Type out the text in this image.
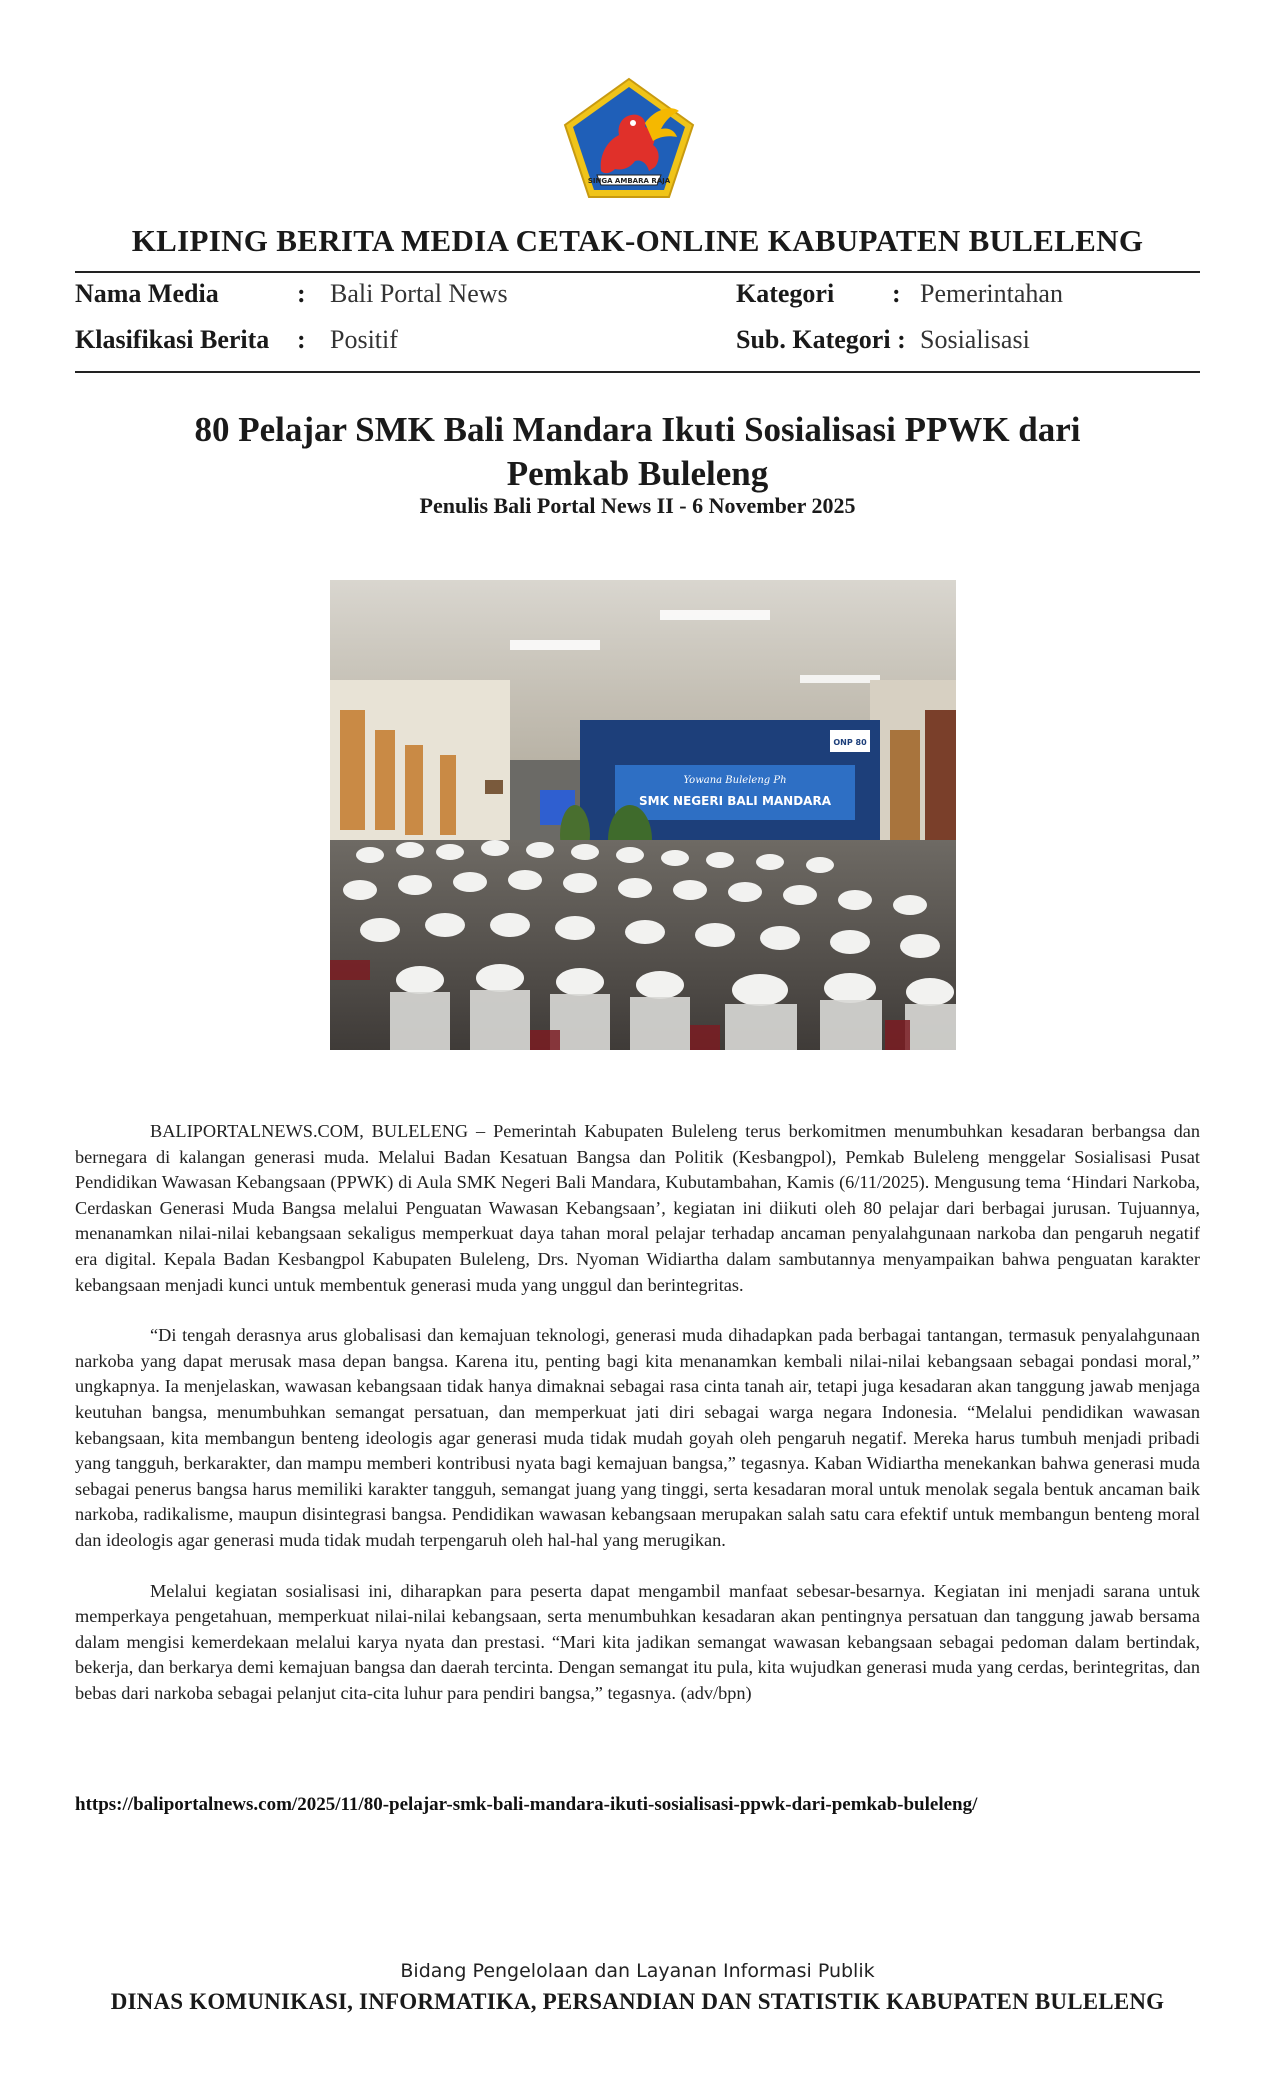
SINGA AMBARA RAJA
KLIPING BERITA MEDIA CETAK-ONLINE KABUPATEN BULELENG
Nama Media	: Bali Portal News	Kategori : Pemerintahan
Klasifikasi Berita : Positif	Sub. Kategori : Sosialisasi
80 Pelajar SMK Bali Mandara Ikuti Sosialisasi PPWK dari Pemkab Buleleng
Penulis Bali Portal News II - 6 November 2025
Yowana Buleleng Ph
SMK NEGERI BALI MANDARA
ONP 80

BALIPORTALNEWS.COM, BULELENG – Pemerintah Kabupaten Buleleng terus berkomitmen menumbuhkan kesadaran berbangsa dan bernegara di kalangan generasi muda. Melalui Badan Kesatuan Bangsa dan Politik (Kesbangpol), Pemkab Buleleng menggelar Sosialisasi Pusat Pendidikan Wawasan Kebangsaan (PPWK) di Aula SMK Negeri Bali Mandara, Kubutambahan, Kamis (6/11/2025). Mengusung tema ‘Hindari Narkoba, Cerdaskan Generasi Muda Bangsa melalui Penguatan Wawasan Kebangsaan’, kegiatan ini diikuti oleh 80 pelajar dari berbagai jurusan. Tujuannya, menanamkan nilai-nilai kebangsaan sekaligus memperkuat daya tahan moral pelajar terhadap ancaman penyalahgunaan narkoba dan pengaruh negatif era digital. Kepala Badan Kesbangpol Kabupaten Buleleng, Drs. Nyoman Widiartha dalam sambutannya menyampaikan bahwa penguatan karakter kebangsaan menjadi kunci untuk membentuk generasi muda yang unggul dan berintegritas.

“Di tengah derasnya arus globalisasi dan kemajuan teknologi, generasi muda dihadapkan pada berbagai tantangan, termasuk penyalahgunaan narkoba yang dapat merusak masa depan bangsa. Karena itu, penting bagi kita menanamkan kembali nilai-nilai kebangsaan sebagai pondasi moral,” ungkapnya. Ia menjelaskan, wawasan kebangsaan tidak hanya dimaknai sebagai rasa cinta tanah air, tetapi juga kesadaran akan tanggung jawab menjaga keutuhan bangsa, menumbuhkan semangat persatuan, dan memperkuat jati diri sebagai warga negara Indonesia. “Melalui pendidikan wawasan kebangsaan, kita membangun benteng ideologis agar generasi muda tidak mudah goyah oleh pengaruh negatif. Mereka harus tumbuh menjadi pribadi yang tangguh, berkarakter, dan mampu memberi kontribusi nyata bagi kemajuan bangsa,” tegasnya. Kaban Widiartha menekankan bahwa generasi muda sebagai penerus bangsa harus memiliki karakter tangguh, semangat juang yang tinggi, serta kesadaran moral untuk menolak segala bentuk ancaman baik narkoba, radikalisme, maupun disintegrasi bangsa. Pendidikan wawasan kebangsaan merupakan salah satu cara efektif untuk membangun benteng moral dan ideologis agar generasi muda tidak mudah terpengaruh oleh hal-hal yang merugikan.

Melalui kegiatan sosialisasi ini, diharapkan para peserta dapat mengambil manfaat sebesar-besarnya. Kegiatan ini menjadi sarana untuk memperkaya pengetahuan, memperkuat nilai-nilai kebangsaan, serta menumbuhkan kesadaran akan pentingnya persatuan dan tanggung jawab bersama dalam mengisi kemerdekaan melalui karya nyata dan prestasi. “Mari kita jadikan semangat wawasan kebangsaan sebagai pedoman dalam bertindak, bekerja, dan berkarya demi kemajuan bangsa dan daerah tercinta. Dengan semangat itu pula, kita wujudkan generasi muda yang cerdas, berintegritas, dan bebas dari narkoba sebagai pelanjut cita-cita luhur para pendiri bangsa,” tegasnya. (adv/bpn)

https://baliportalnews.com/2025/11/80-pelajar-smk-bali-mandara-ikuti-sosialisasi-ppwk-dari-pemkab-buleleng/
Bidang Pengelolaan dan Layanan Informasi Publik
DINAS KOMUNIKASI, INFORMATIKA, PERSANDIAN DAN STATISTIK KABUPATEN BULELENG
